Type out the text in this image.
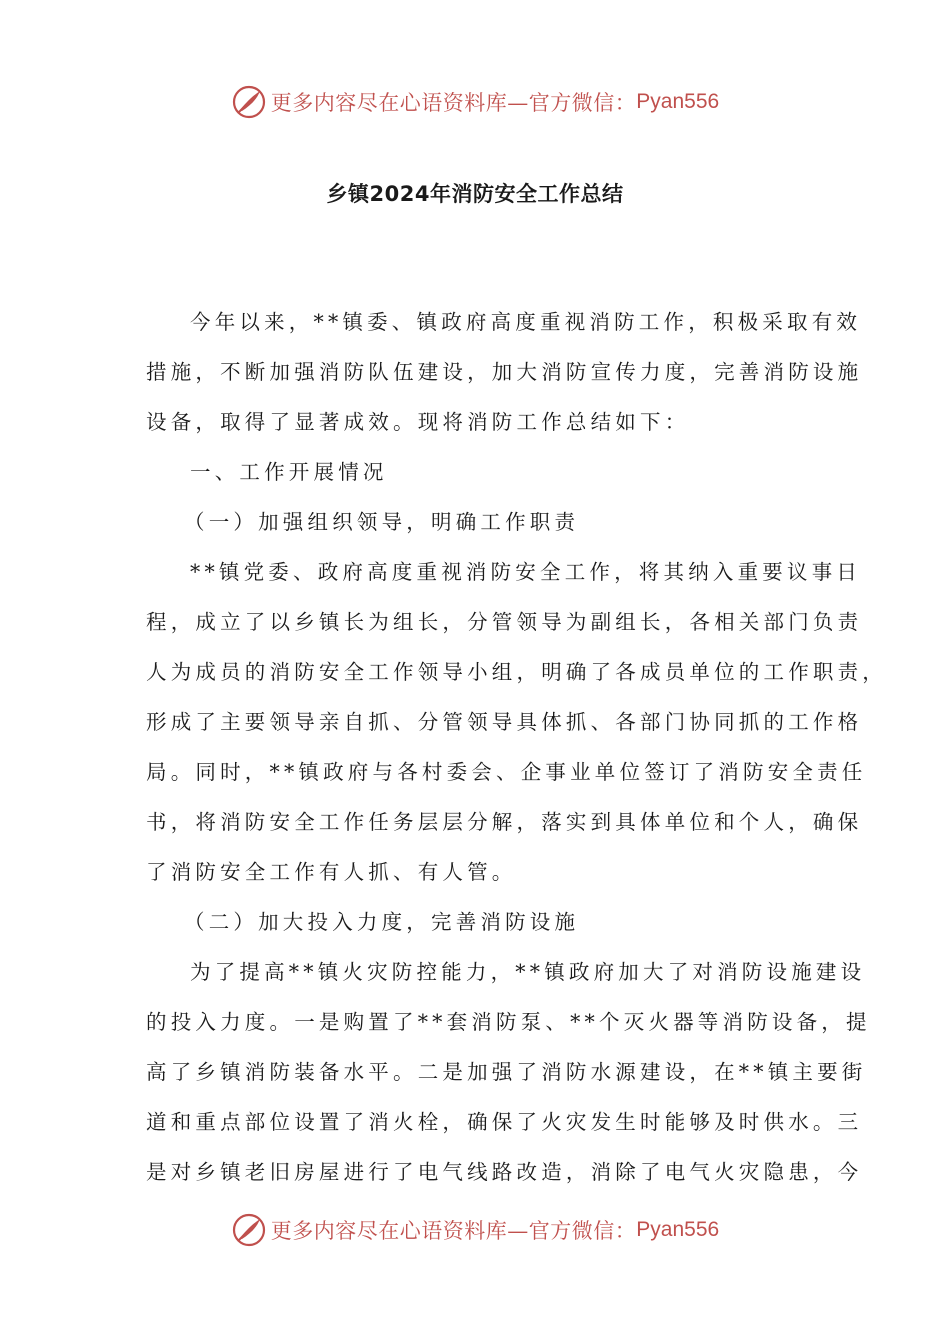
更多内容尽在心语资料库—官方微信： Pyan556
乡镇2024年消防安全工作总结
今年以来，**镇委、镇政府高度重视消防工作，积极采取有效
措施，不断加强消防队伍建设，加大消防宣传力度，完善消防设施
设备，取得了显著成效。现将消防工作总结如下：
一、工作开展情况
（一）加强组织领导，明确工作职责
**镇党委、政府高度重视消防安全工作，将其纳入重要议事日
程，成立了以乡镇长为组长，分管领导为副组长，各相关部门负责
人为成员的消防安全工作领导小组，明确了各成员单位的工作职责，
形成了主要领导亲自抓、分管领导具体抓、各部门协同抓的工作格
局。同时，**镇政府与各村委会、企事业单位签订了消防安全责任
书，将消防安全工作任务层层分解，落实到具体单位和个人，确保
了消防安全工作有人抓、有人管。
（二）加大投入力度，完善消防设施
为了提高**镇火灾防控能力，**镇政府加大了对消防设施建设
的投入力度。一是购置了**套消防泵、**个灭火器等消防设备，提
高了乡镇消防装备水平。二是加强了消防水源建设，在**镇主要街
道和重点部位设置了消火栓，确保了火灾发生时能够及时供水。三
是对乡镇老旧房屋进行了电气线路改造，消除了电气火灾隐患，今
更多内容尽在心语资料库—官方微信： Pyan556
